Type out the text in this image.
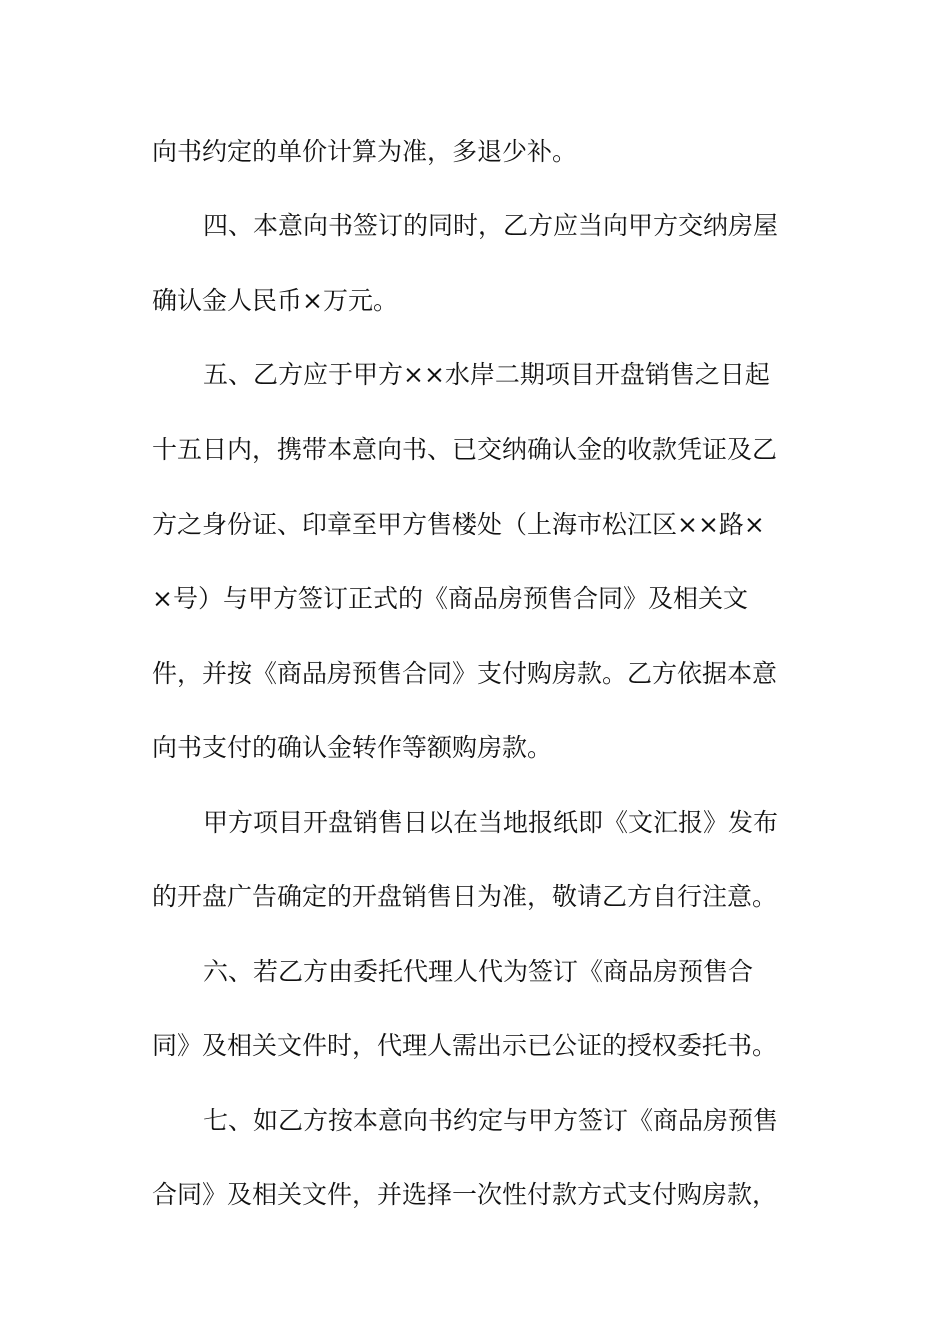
向书约定的单价计算为准，多退少补。
四、本意向书签订的同时，乙方应当向甲方交纳房屋
确认金人民币×万元。
五、乙方应于甲方××水岸二期项目开盘销售之日起
十五日内，携带本意向书、已交纳确认金的收款凭证及乙
方之身份证、印章至甲方售楼处（上海市松江区××路×
×号）与甲方签订正式的《商品房预售合同》及相关文
件，并按《商品房预售合同》支付购房款。乙方依据本意
向书支付的确认金转作等额购房款。
甲方项目开盘销售日以在当地报纸即《文汇报》发布
的开盘广告确定的开盘销售日为准，敬请乙方自行注意。
六、若乙方由委托代理人代为签订《商品房预售合
同》及相关文件时，代理人需出示已公证的授权委托书。
七、如乙方按本意向书约定与甲方签订《商品房预售
合同》及相关文件，并选择一次性付款方式支付购房款，
